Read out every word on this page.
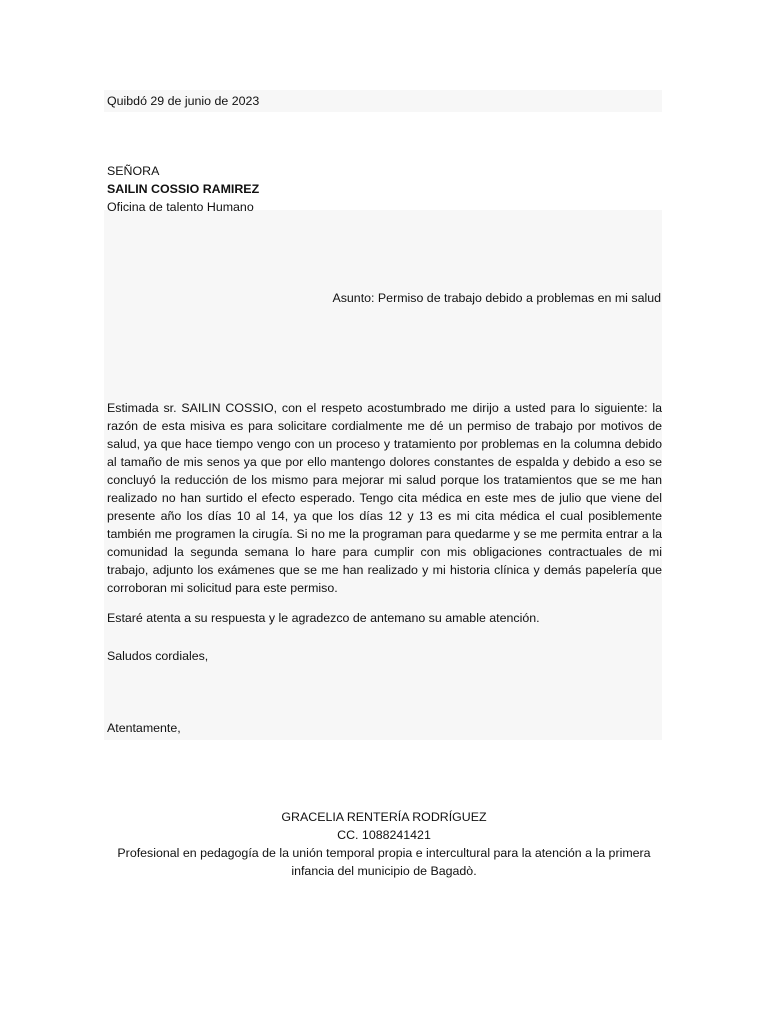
Quibdó 29 de junio de 2023
SEÑORA
SAILIN COSSIO RAMIREZ
Oficina de talento Humano
Asunto: Permiso de trabajo debido a problemas en mi salud
Estimada sr. SAILIN COSSIO, con el respeto acostumbrado me dirijo a usted para lo siguiente: la razón de esta misiva es para solicitare cordialmente me dé un permiso de trabajo por motivos de salud, ya que hace tiempo vengo con un proceso y tratamiento por problemas en la columna debido al tamaño de mis senos ya que por ello mantengo dolores constantes de espalda y debido a eso se concluyó la reducción de los mismo para mejorar mi salud porque los tratamientos que se me han realizado no han surtido el efecto esperado. Tengo cita médica en este mes de julio que viene del presente año los días 10 al 14, ya que los días 12 y 13 es mi cita médica el cual posiblemente también me programen la cirugía. Si no me la programan para quedarme y se me permita entrar a la comunidad la segunda semana lo hare para cumplir con mis obligaciones contractuales de mi trabajo, adjunto los exámenes que se me han realizado y mi historia clínica y demás papelería que corroboran mi solicitud para este permiso.
Estaré atenta a su respuesta y le agradezco de antemano su amable atención.
Saludos cordiales,
Atentamente,
GRACELIA RENTERÍA RODRÍGUEZ
CC. 1088241421
Profesional en pedagogía de la unión temporal propia e intercultural para la atención a la primera infancia del municipio de Bagadò.
